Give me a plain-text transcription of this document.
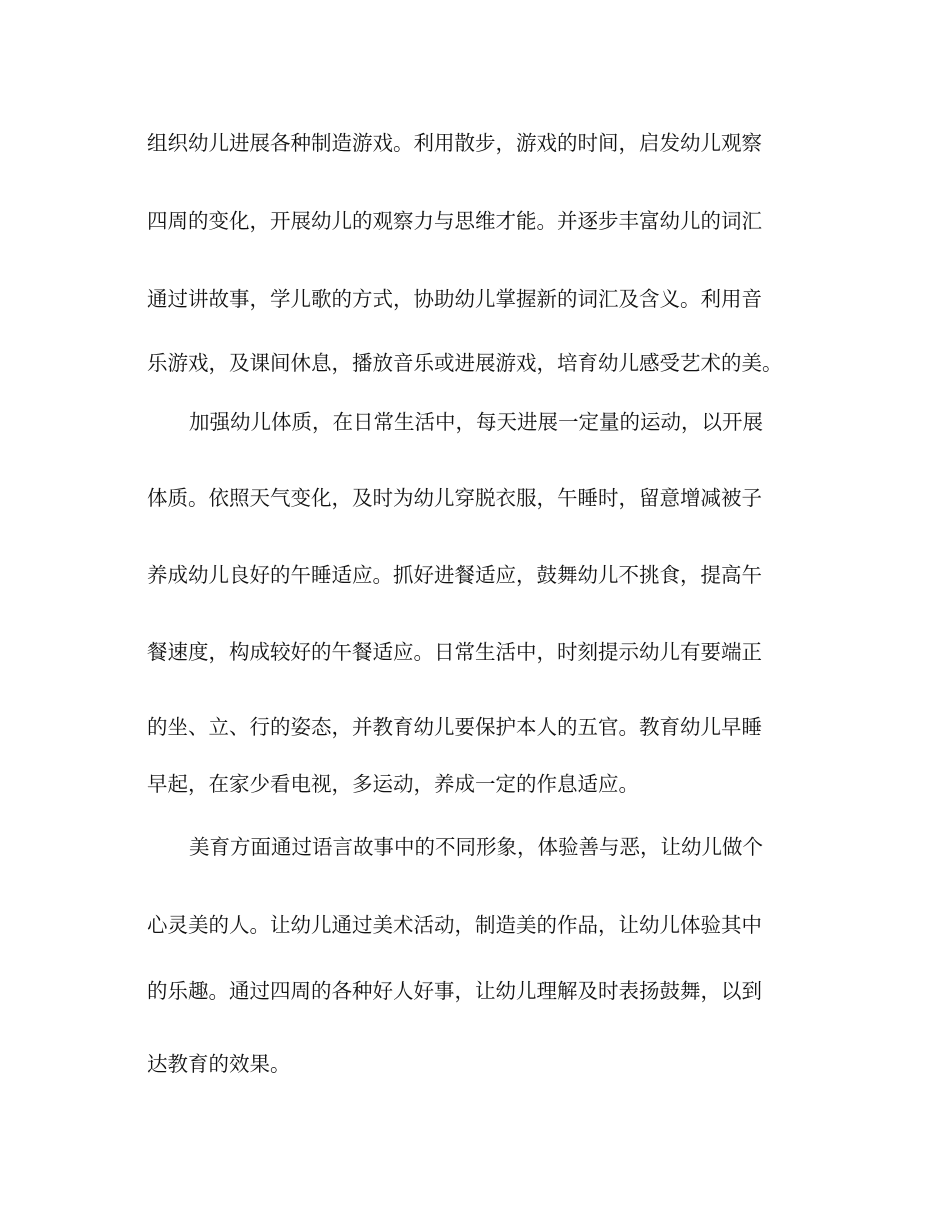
组织幼儿进展各种制造游戏。利用散步，游戏的时间，启发幼儿观察
四周的变化，开展幼儿的观察力与思维才能。并逐步丰富幼儿的词汇
通过讲故事，学儿歌的方式，协助幼儿掌握新的词汇及含义。利用音
乐游戏，及课间休息，播放音乐或进展游戏，培育幼儿感受艺术的美。
加强幼儿体质，在日常生活中，每天进展一定量的运动，以开展
体质。依照天气变化，及时为幼儿穿脱衣服，午睡时，留意增减被子
养成幼儿良好的午睡适应。抓好进餐适应，鼓舞幼儿不挑食，提高午
餐速度，构成较好的午餐适应。日常生活中，时刻提示幼儿有要端正
的坐、立、行的姿态，并教育幼儿要保护本人的五官。教育幼儿早睡
早起，在家少看电视，多运动，养成一定的作息适应。
美育方面通过语言故事中的不同形象，体验善与恶，让幼儿做个
心灵美的人。让幼儿通过美术活动，制造美的作品，让幼儿体验其中
的乐趣。通过四周的各种好人好事，让幼儿理解及时表扬鼓舞，以到
达教育的效果。
